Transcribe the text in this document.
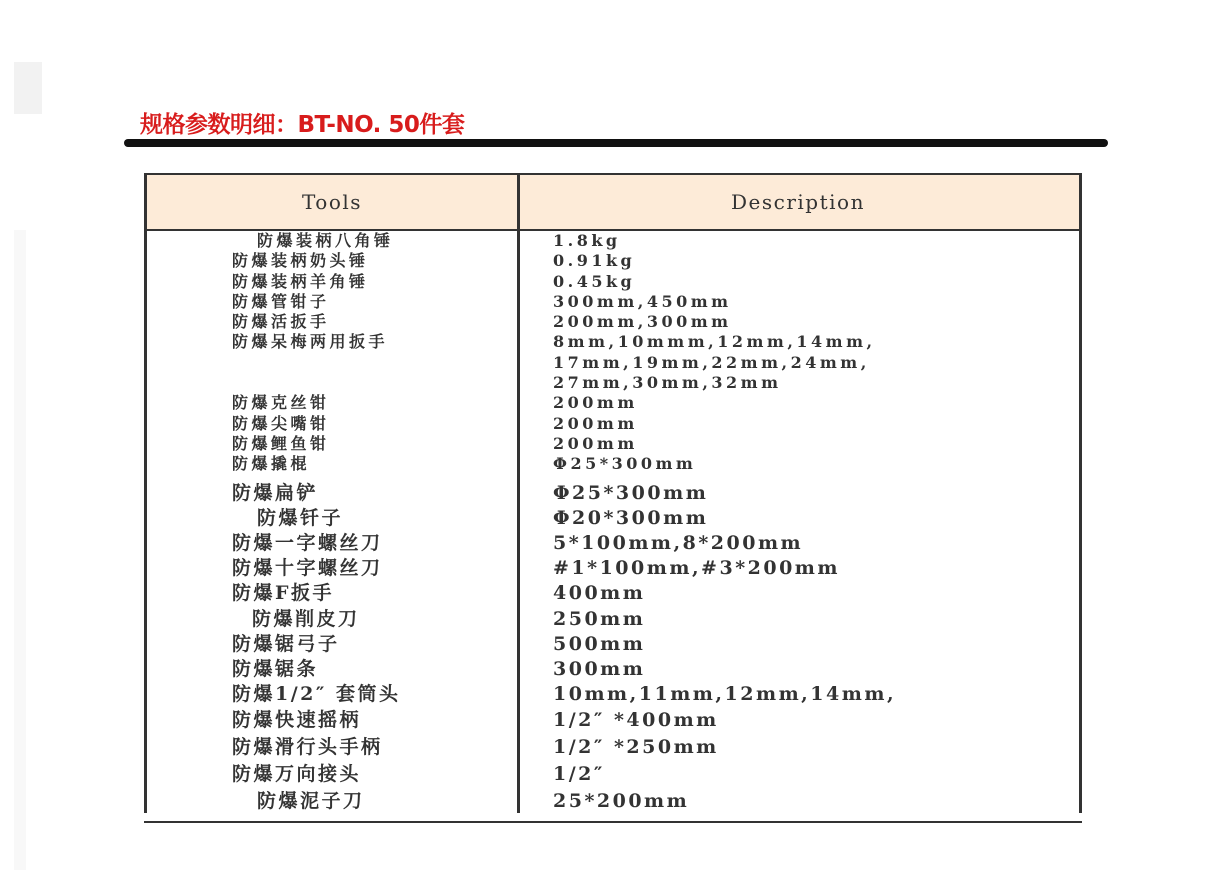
规格参数明细：BT-NO. 50件套
Tools	Description
防爆装柄八角锤	1.8kg
防爆装柄奶头锤	0.91kg
防爆装柄羊角锤	0.45kg
防爆管钳子	300mm,450mm
防爆活扳手	200mm,300mm
防爆呆梅两用扳手	8mm,10mmm,12mm,14mm,
17mm,19mm,22mm,24mm,
27mm,30mm,32mm
防爆克丝钳	200mm
防爆尖嘴钳	200mm
防爆鲤鱼钳	200mm
防爆撬棍	Φ25*300mm
防爆扁铲	Φ25*300mm
防爆钎子	Φ20*300mm
防爆一字螺丝刀	5*100mm,8*200mm
防爆十字螺丝刀	#1*100mm,#3*200mm
防爆F扳手	400mm
防爆削皮刀	250mm
防爆锯弓子	500mm
防爆锯条	300mm
防爆1/2″ 套筒头	10mm,11mm,12mm,14mm,
防爆快速摇柄	1/2″ *400mm
防爆滑行头手柄	1/2″ *250mm
防爆万向接头	1/2″
防爆泥子刀	25*200mm
